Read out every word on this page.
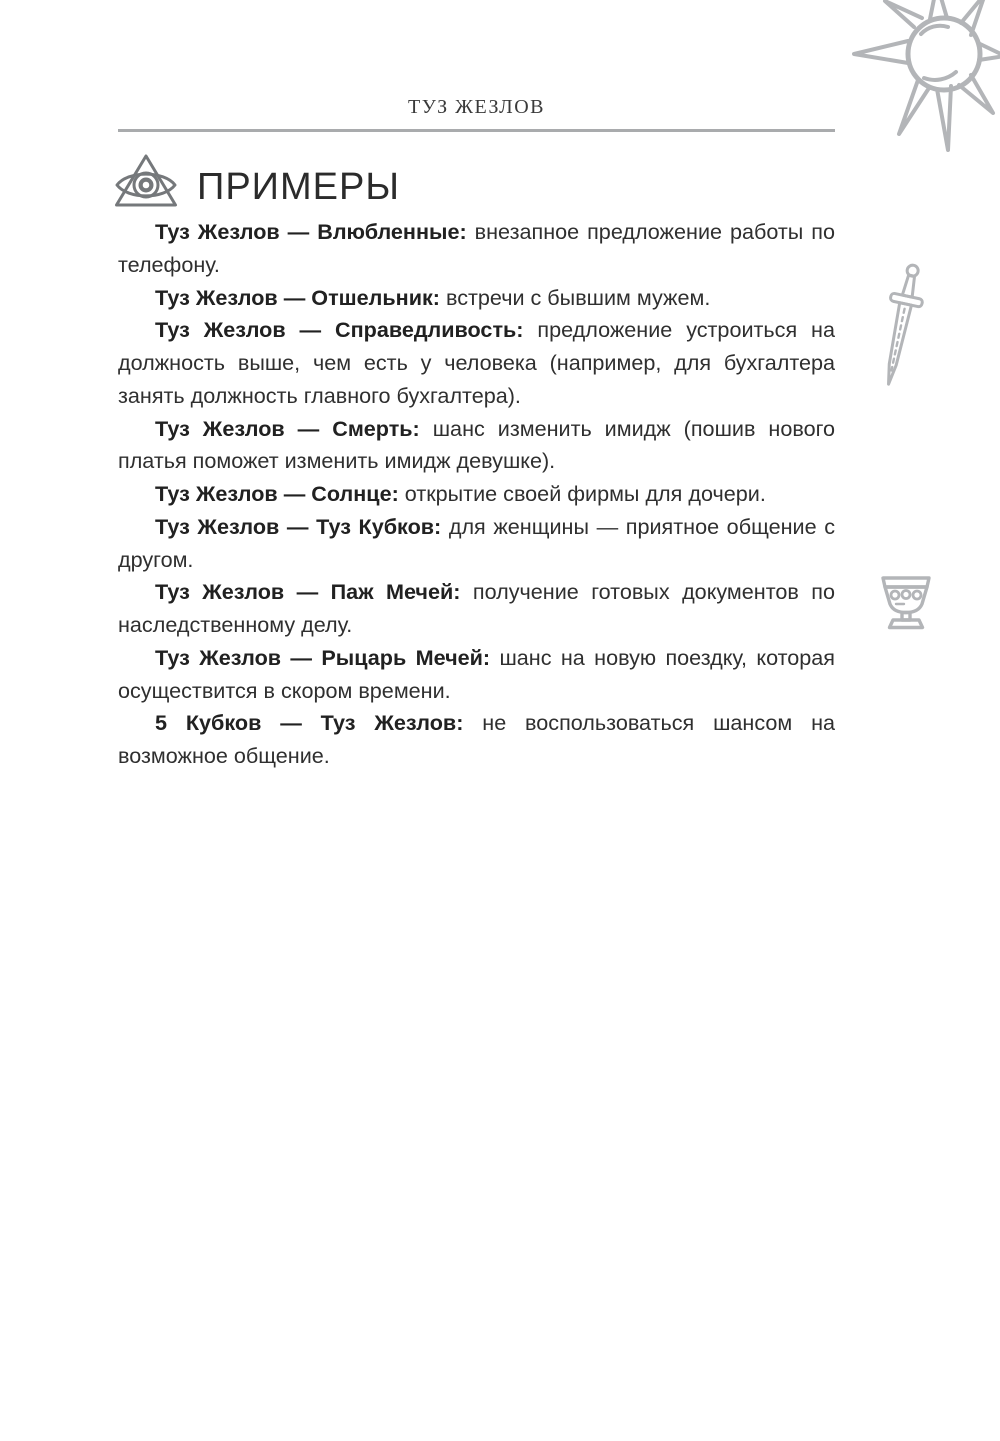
ТУЗ ЖЕЗЛОВ
ПРИМЕРЫ

Туз Жезлов — Влюбленные: внезапное предложение работы по телефону.

Туз Жезлов — Отшельник: встречи с бывшим мужем.

Туз Жезлов — Справедливость: предложение устроиться на должность выше, чем есть у человека (например, для бухгалтера занять должность главного бухгалтера).

Туз Жезлов — Смерть: шанс изменить имидж (пошив нового платья поможет изменить имидж девушке).

Туз Жезлов — Солнце: открытие своей фирмы для дочери.

Туз Жезлов — Туз Кубков: для женщины — приятное общение с другом.

Туз Жезлов — Паж Мечей: получение готовых документов по наследственному делу.

Туз Жезлов — Рыцарь Мечей: шанс на новую поездку, которая осуществится в скором времени.

5 Кубков — Туз Жезлов: не воспользоваться шансом на возможное общение.
